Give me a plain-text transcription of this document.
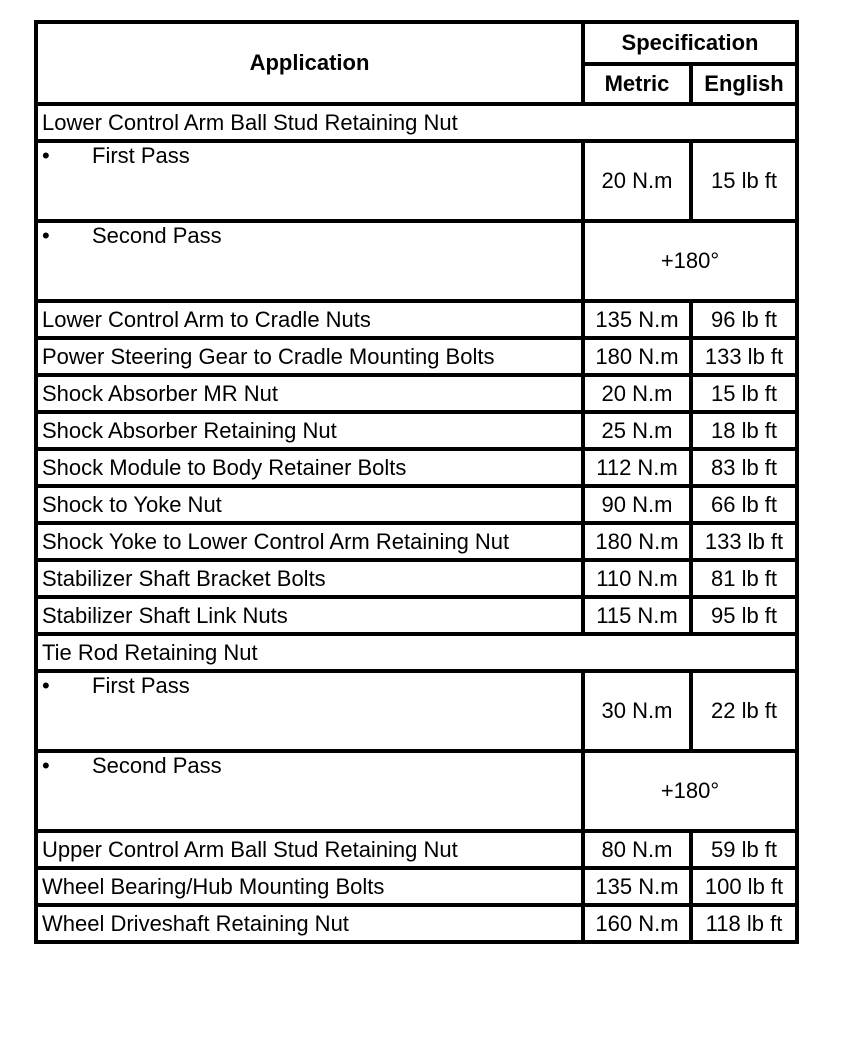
Application	Specification	
	Metric	English
Lower Control Arm Ball Stud Retaining Nut		
• First Pass	20 N.m	15 lb ft
• Second Pass	+180°	
Lower Control Arm to Cradle Nuts	135 N.m	96 lb ft
Power Steering Gear to Cradle Mounting Bolts	180 N.m	133 lb ft
Shock Absorber MR Nut	20 N.m	15 lb ft
Shock Absorber Retaining Nut	25 N.m	18 lb ft
Shock Module to Body Retainer Bolts	112 N.m	83 lb ft
Shock to Yoke Nut	90 N.m	66 lb ft
Shock Yoke to Lower Control Arm Retaining Nut	180 N.m	133 lb ft
Stabilizer Shaft Bracket Bolts	110 N.m	81 lb ft
Stabilizer Shaft Link Nuts	115 N.m	95 lb ft
Tie Rod Retaining Nut		
• First Pass	30 N.m	22 lb ft
• Second Pass	+180°	
Upper Control Arm Ball Stud Retaining Nut	80 N.m	59 lb ft
Wheel Bearing/Hub Mounting Bolts	135 N.m	100 lb ft
Wheel Driveshaft Retaining Nut	160 N.m	118 lb ft
